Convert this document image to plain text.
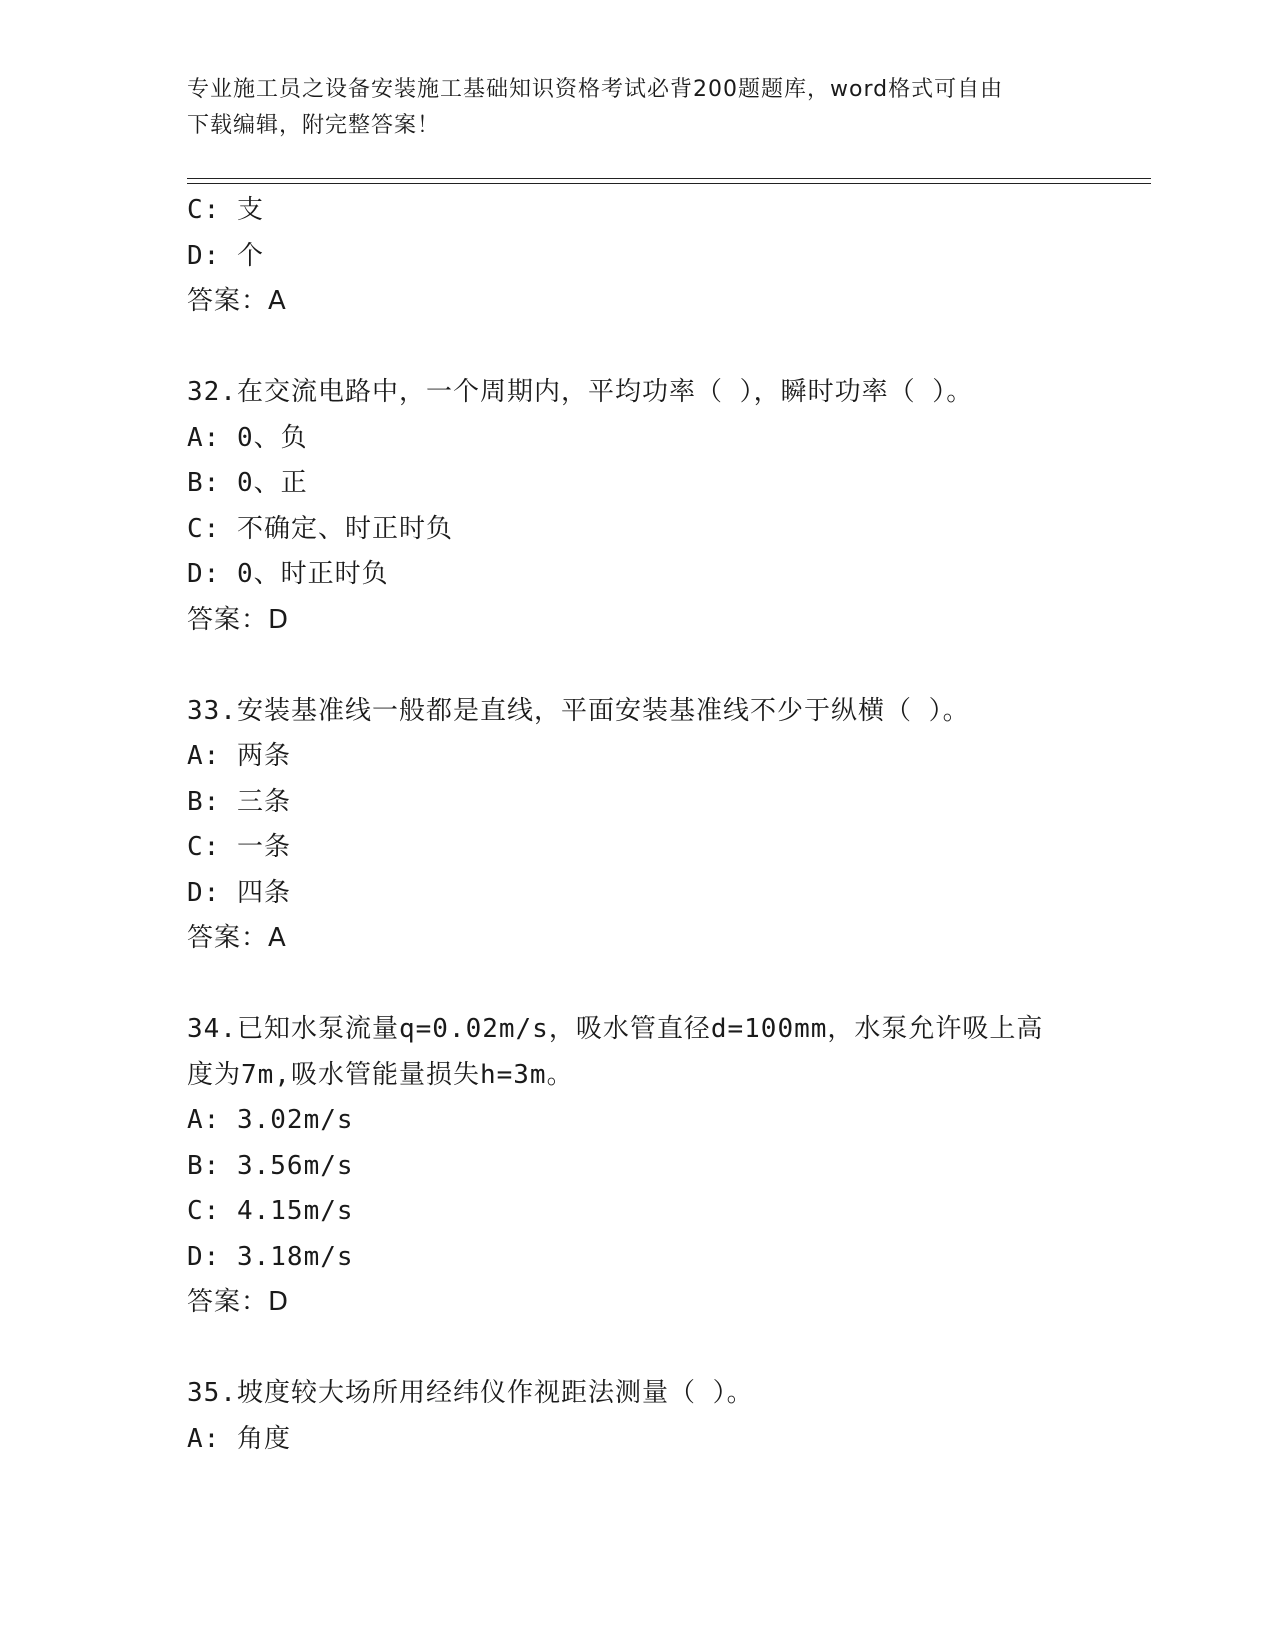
专业施工员之设备安装施工基础知识资格考试必背200题题库，word格式可自由
下载编辑，附完整答案！
C: 支
D: 个
答案：A
32.在交流电路中，一个周期内，平均功率（ ），瞬时功率（ ）。
A: 0、负
B: 0、正
C: 不确定、时正时负
D: 0、时正时负
答案：D
33.安装基准线一般都是直线，平面安装基准线不少于纵横（ ）。
A: 两条
B: 三条
C: 一条
D: 四条
答案：A
34.已知水泵流量q=0.02m/s，吸水管直径d=100mm，水泵允许吸上高
度为7m,吸水管能量损失h=3m。
A: 3.02m/s
B: 3.56m/s
C: 4.15m/s
D: 3.18m/s
答案：D
35.坡度较大场所用经纬仪作视距法测量（ ）。
A: 角度
